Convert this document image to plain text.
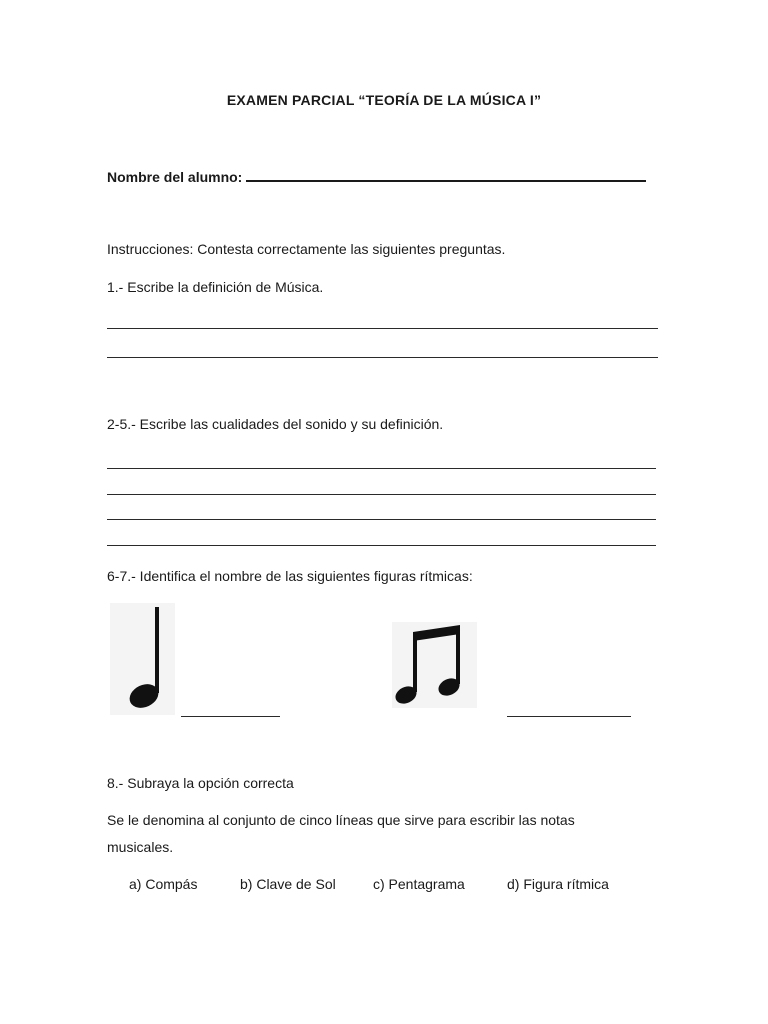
EXAMEN PARCIAL “TEORÍA DE LA MÚSICA I”
Nombre del alumno:
Instrucciones: Contesta correctamente las siguientes preguntas.
1.- Escribe la definición de Música.
2-5.- Escribe las cualidades del sonido y su definición.
6-7.- Identifica el nombre de las siguientes figuras rítmicas:
8.- Subraya la opción correcta
Se le denomina al conjunto de cinco líneas que sirve para escribir las notas
musicales.
a) Compás	b) Clave de Sol	c) Pentagrama	d) Figura rítmica
